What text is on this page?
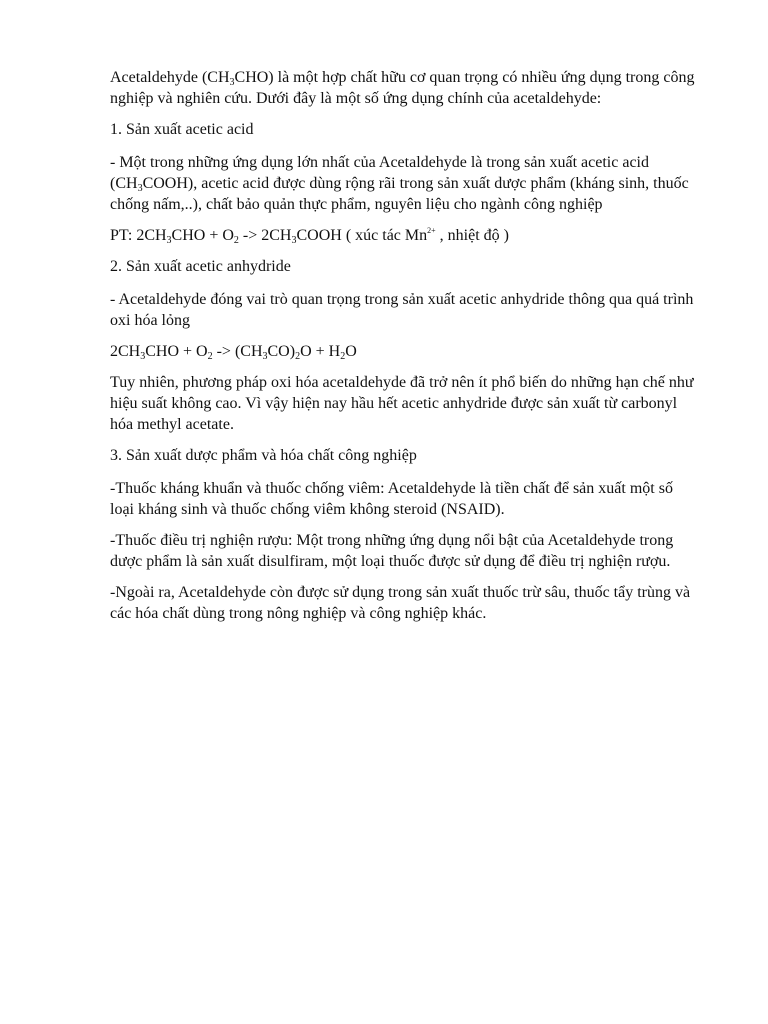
Acetaldehyde $(CH_3CHO)$ là một hợp chất hữu cơ quan trọng có nhiều ứng dụng trong công nghiệp và nghiên cứu. Dưới đây là một số ứng dụng chính của acetaldehyde:

1. Sản xuất acetic acid

- Một trong những ứng dụng lớn nhất của Acetaldehyde là trong sản xuất acetic acid $(CH_3COOH)$, acetic acid được dùng rộng rãi trong sản xuất dược phẩm (kháng sinh, thuốc chống nấm,..), chất bảo quản thực phẩm, nguyên liệu cho ngành công nghiệp

PT: 2CH3CHO + O2 -> 2CH3COOH ( xúc tác $Mn^{2+}$ , nhiệt độ )

2. Sản xuất acetic anhydride

- Acetaldehyde đóng vai trò quan trọng trong sản xuất acetic anhydride thông qua quá trình oxi hóa lỏng

2CH3CHO + O2 -> (CH3CO)2O + H2O

Tuy nhiên, phương pháp oxi hóa acetaldehyde đã trở nên ít phổ biến do những hạn chế như hiệu suất không cao. Vì vậy hiện nay hầu hết acetic anhydride được sản xuất từ carbonyl hóa methyl acetate.

3. Sản xuất dược phẩm và hóa chất công nghiệp

-Thuốc kháng khuẩn và thuốc chống viêm: Acetaldehyde là tiền chất để sản xuất một số loại kháng sinh và thuốc chống viêm không steroid (NSAID).

-Thuốc điều trị nghiện rượu: Một trong những ứng dụng nổi bật của Acetaldehyde trong dược phẩm là sản xuất disulfiram, một loại thuốc được sử dụng để điều trị nghiện rượu.

-Ngoài ra, Acetaldehyde còn được sử dụng trong sản xuất thuốc trừ sâu, thuốc tẩy trùng và các hóa chất dùng trong nông nghiệp và công nghiệp khác.
